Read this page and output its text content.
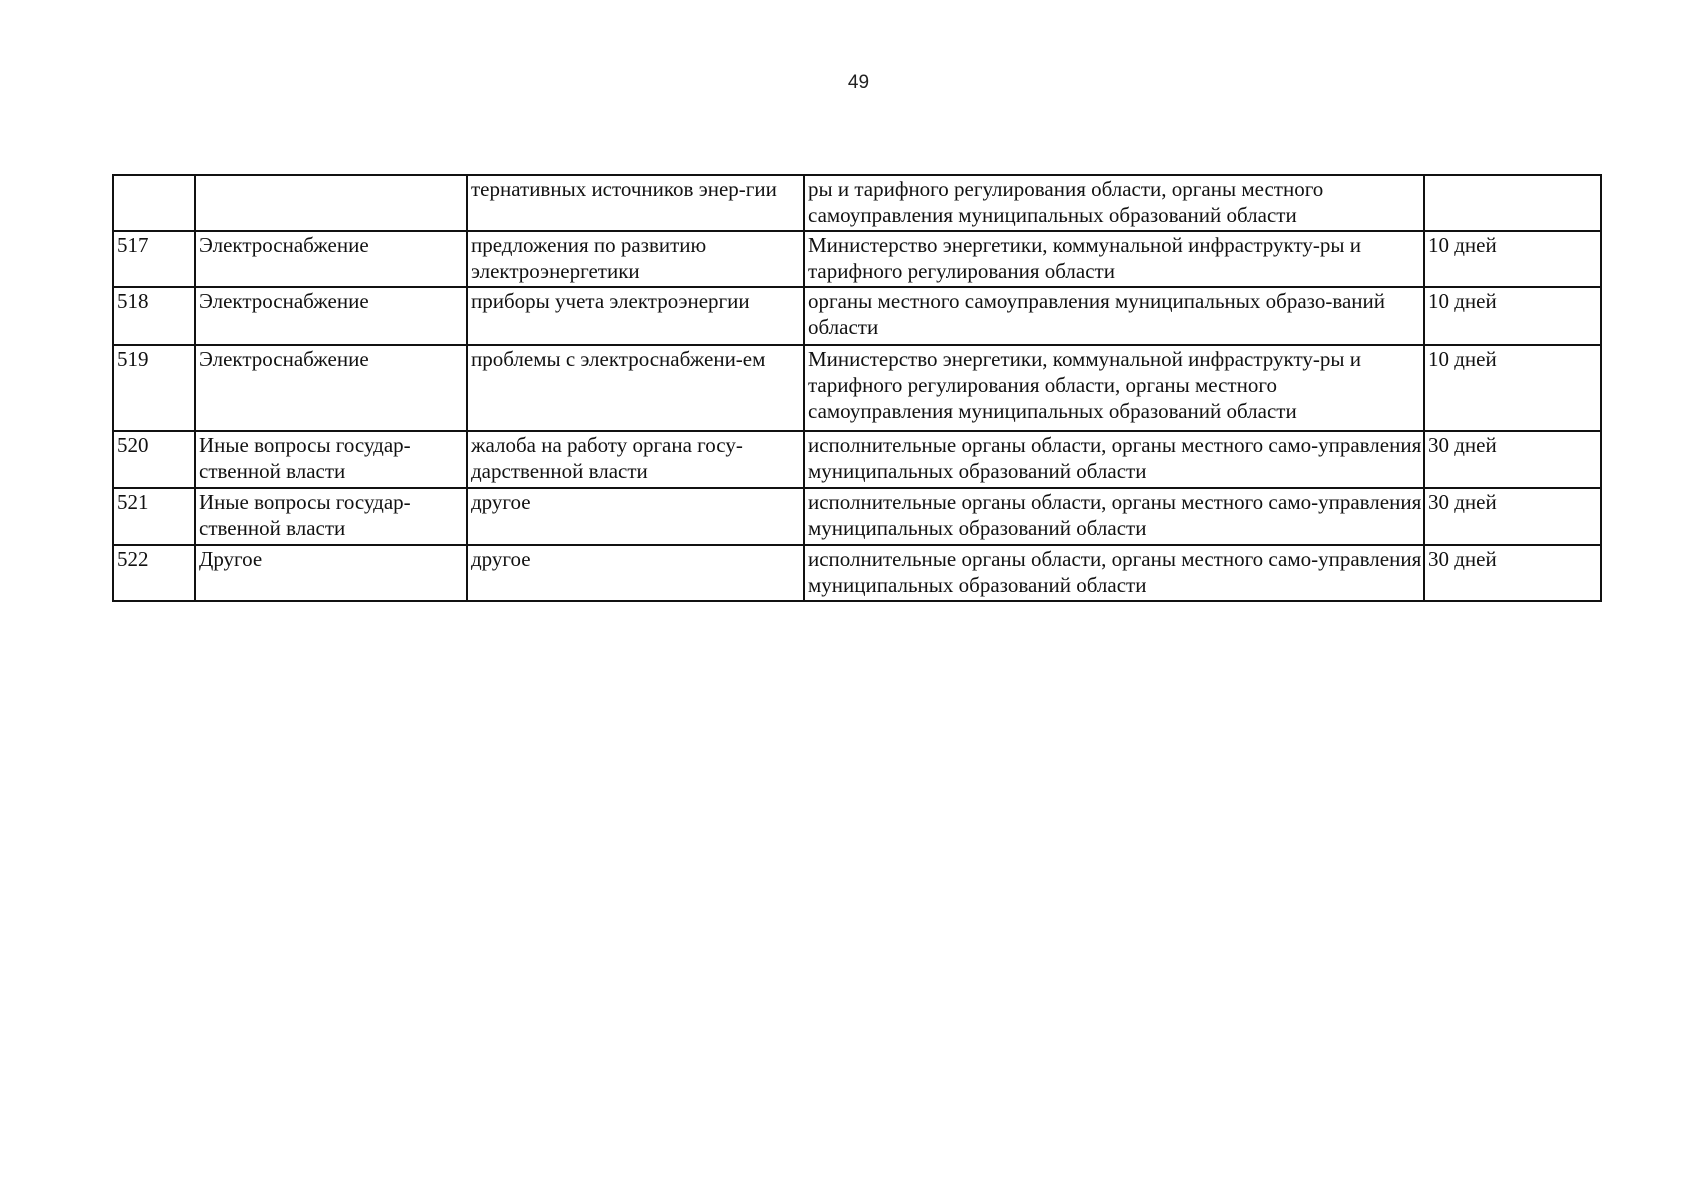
49
		тернативных источников энер-гии	ры и тарифного регулирования области, органы местного самоуправления муниципальных образований области	
517	Электроснабжение	предложения по развитию электроэнергетики	Министерство энергетики, коммунальной инфраструкту-ры и тарифного регулирования области	10 дней
518	Электроснабжение	приборы учета электроэнергии	органы местного самоуправления муниципальных образо-ваний области	10 дней
519	Электроснабжение	проблемы с электроснабжени-ем	Министерство энергетики, коммунальной инфраструкту-ры и тарифного регулирования области, органы местного самоуправления муниципальных образований области	10 дней
520	Иные вопросы государ-ственной власти	жалоба на работу органа госу-дарственной власти	исполнительные органы области, органы местного само-управления муниципальных образований области	30 дней
521	Иные вопросы государ-ственной власти	другое	исполнительные органы области, органы местного само-управления муниципальных образований области	30 дней
522	Другое	другое	исполнительные органы области, органы местного само-управления муниципальных образований области	30 дней
